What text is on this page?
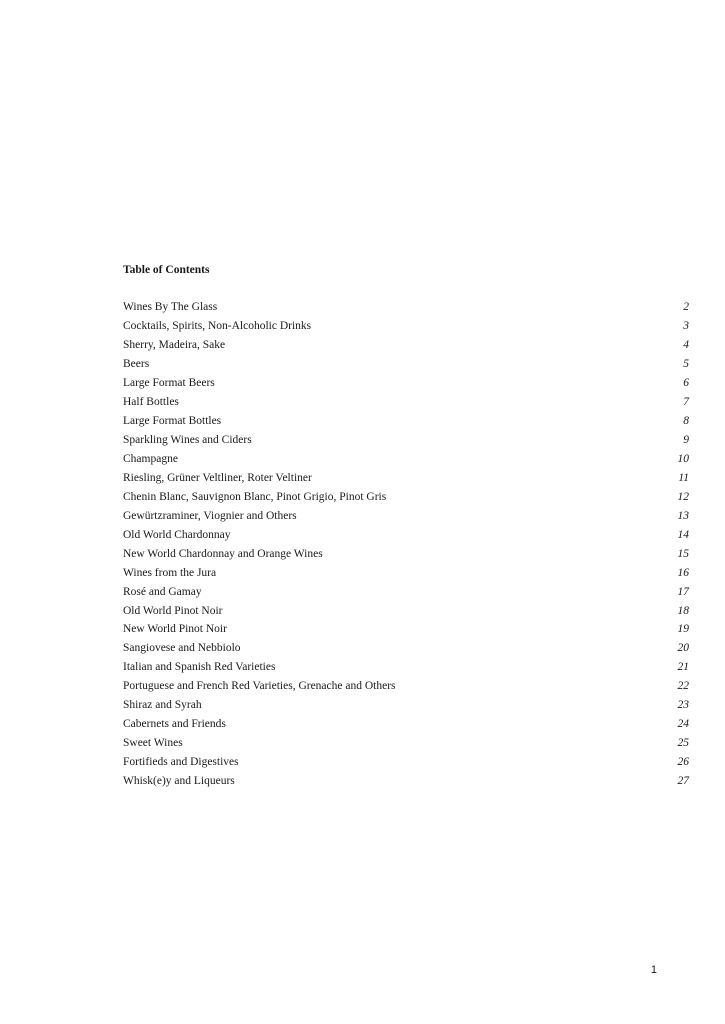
Table of Contents
Wines By The Glass	2
Cocktails, Spirits, Non-Alcoholic Drinks	3
Sherry, Madeira, Sake	4
Beers	5
Large Format Beers	6
Half Bottles	7
Large Format Bottles	8
Sparkling Wines and Ciders	9
Champagne	10
Riesling, Grüner Veltliner, Roter Veltiner	11
Chenin Blanc, Sauvignon Blanc, Pinot Grigio, Pinot Gris	12
Gewürtzraminer, Viognier and Others	13
Old World Chardonnay	14
New World Chardonnay and Orange Wines	15
Wines from the Jura	16
Rosé and Gamay	17
Old World Pinot Noir	18
New World Pinot Noir	19
Sangiovese and Nebbiolo	20
Italian and Spanish Red Varieties	21
Portuguese and French Red Varieties, Grenache and Others	22
Shiraz and Syrah	23
Cabernets and Friends	24
Sweet Wines	25
Fortifieds and Digestives	26
Whisk(e)y and Liqueurs	27
1
